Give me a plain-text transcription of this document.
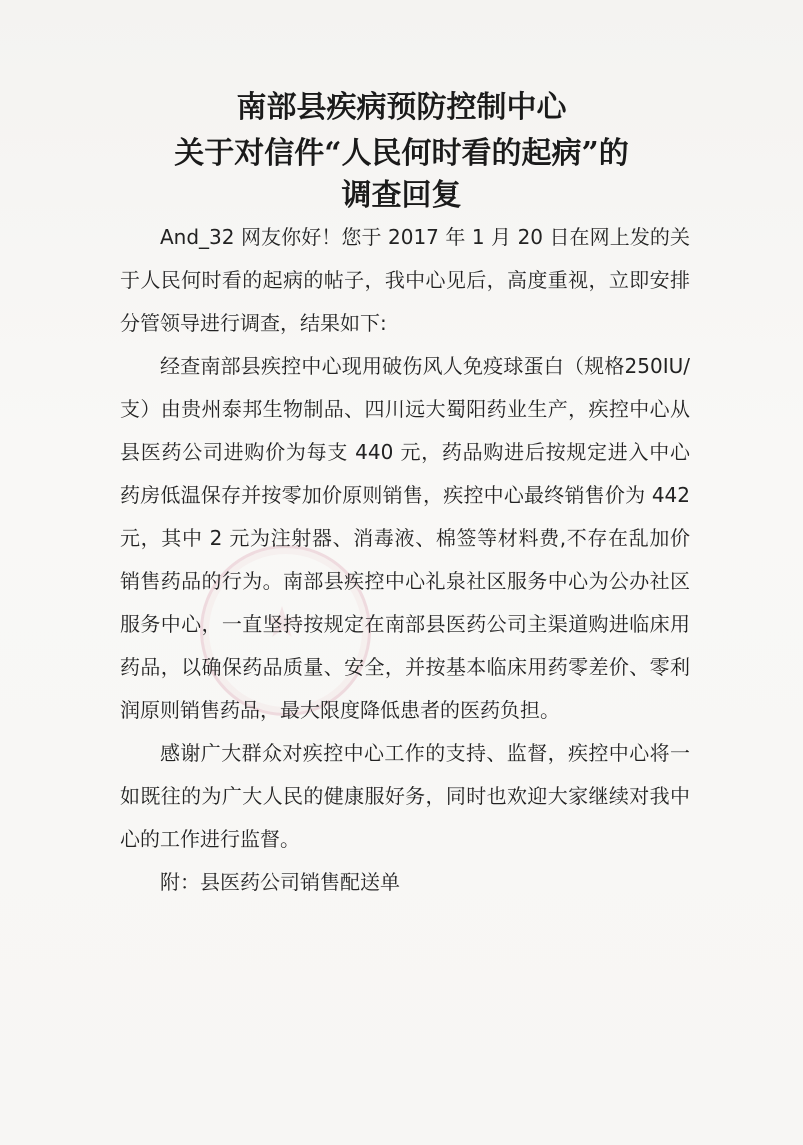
南部县疾病预防控制中心
关于对信件“人民何时看的起病”的
调查回复

And_32 网友你好！您于 2017 年 1 月 20 日在网上发的关于人民何时看的起病的帖子，我中心见后，高度重视，立即安排分管领导进行调查，结果如下:

经查南部县疾控中心现用破伤风人免疫球蛋白（规格250IU/支）由贵州泰邦生物制品、四川远大蜀阳药业生产，疾控中心从县医药公司进购价为每支 440 元，药品购进后按规定进入中心药房低温保存并按零加价原则销售，疾控中心最终销售价为 442 元，其中 2 元为注射器、消毒液、棉签等材料费,不存在乱加价销售药品的行为。南部县疾控中心礼泉社区服务中心为公办社区服务中心，一直坚持按规定在南部县医药公司主渠道购进临床用药品，以确保药品质量、安全，并按基本临床用药零差价、零利润原则销售药品，最大限度降低患者的医药负担。

感谢广大群众对疾控中心工作的支持、监督，疾控中心将一如既往的为广大人民的健康服好务，同时也欢迎大家继续对我中心的工作进行监督。

附：县医药公司销售配送单
